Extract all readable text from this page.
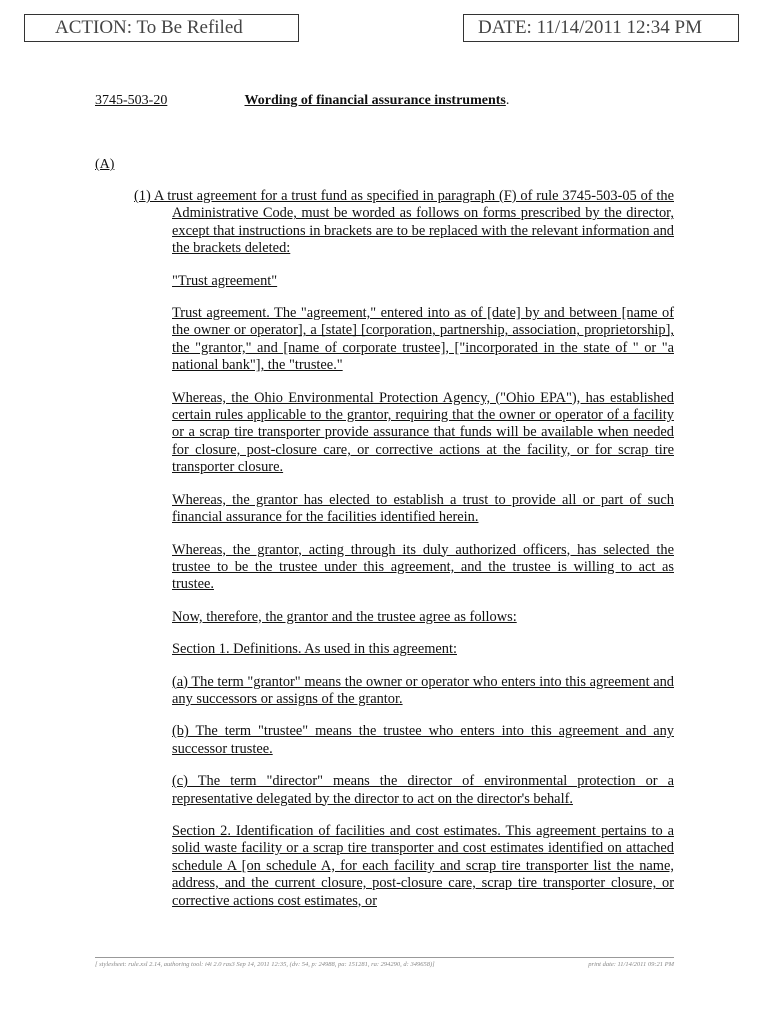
ACTION: To Be Refiled	DATE: 11/14/2011 12:34 PM
3745-503-20	Wording of financial assurance instruments.
(A)

(1) A trust agreement for a trust fund as specified in paragraph (F) of rule 3745-503-05 of the Administrative Code, must be worded as follows on forms prescribed by the director, except that instructions in brackets are to be replaced with the relevant information and the brackets deleted:

"Trust agreement"

Trust agreement. The "agreement," entered into as of [date] by and between [name of the owner or operator], a [state] [corporation, partnership, association, proprietorship], the "grantor," and [name of corporate trustee], ["incorporated in the state of " or "a national bank"], the "trustee."

Whereas, the Ohio Environmental Protection Agency, ("Ohio EPA"), has established certain rules applicable to the grantor, requiring that the owner or operator of a facility or a scrap tire transporter provide assurance that funds will be available when needed for closure, post-closure care, or corrective actions at the facility, or for scrap tire transporter closure.

Whereas, the grantor has elected to establish a trust to provide all or part of such financial assurance for the facilities identified herein.

Whereas, the grantor, acting through its duly authorized officers, has selected the trustee to be the trustee under this agreement, and the trustee is willing to act as trustee.

Now, therefore, the grantor and the trustee agree as follows:

Section 1. Definitions. As used in this agreement:

(a) The term "grantor" means the owner or operator who enters into this agreement and any successors or assigns of the grantor.

(b) The term "trustee" means the trustee who enters into this agreement and any successor trustee.

(c) The term "director" means the director of environmental protection or a representative delegated by the director to act on the director's behalf.

Section 2. Identification of facilities and cost estimates. This agreement pertains to a solid waste facility or a scrap tire transporter and cost estimates identified on attached schedule A [on schedule A, for each facility and scrap tire transporter list the name, address, and the current closure, post-closure care, scrap tire transporter closure, or corrective actions cost estimates, or

[ stylesheet: rule.xsl 2.14, authoring tool: i4i 2.0 ras3 Sep 14, 2011 12:35, (dv: 54, p: 24988, pa: 151281, ra: 294290, d: 349658)]	print date: 11/14/2011 09:21 PM
